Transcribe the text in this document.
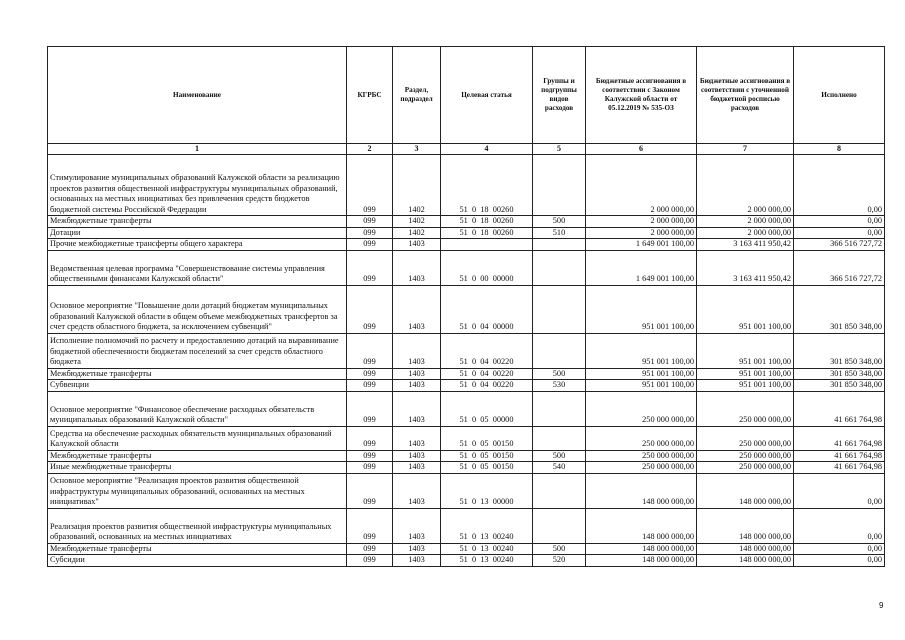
Наименование	КГРБС	Раздел, подраздел	Целевая статья	Группы и подгруппы видов расходов	Бюджетные ассигнования в соответствии с Законом Калужской области от 05.12.2019 № 535-ОЗ	Бюджетные ассигнования в соответствии с уточненной бюджетной росписью расходов	Исполнено
1	2	3	4	5	6	7	8
Стимулирование муниципальных образований Калужской области за реализацию проектов развития общественной инфраструктуры муниципальных образований, основанных на местных инициативах без привлечения средств бюджетов бюджетной системы Российской Федерации	099	1402	51  0  18  00260		2 000 000,00	2 000 000,00	0,00
Межбюджетные трансферты	099	1402	51  0  18  00260	500	2 000 000,00	2 000 000,00	0,00
Дотации	099	1402	51  0  18  00260	510	2 000 000,00	2 000 000,00	0,00
Прочие межбюджетные трансферты общего характера	099	1403			1 649 001 100,00	3 163 411 950,42	366 516 727,72
Ведомственная целевая программа "Совершенствование системы управления общественными финансами Калужской области"	099	1403	51  0  00  00000		1 649 001 100,00	3 163 411 950,42	366 516 727,72
Основное мероприятие "Повышение доли дотаций бюджетам муниципальных образований Калужской области в общем объеме межбюджетных трансфертов за счет средств областного бюджета, за исключением субвенций"	099	1403	51  0  04  00000		951 001 100,00	951 001 100,00	301 850 348,00
Исполнение полномочий по расчету и предоставлению дотаций на выравнивание бюджетной обеспеченности бюджетам поселений за счет средств областного бюджета	099	1403	51  0  04  00220		951 001 100,00	951 001 100,00	301 850 348,00
Межбюджетные трансферты	099	1403	51  0  04  00220	500	951 001 100,00	951 001 100,00	301 850 348,00
Субвенции	099	1403	51  0  04  00220	530	951 001 100,00	951 001 100,00	301 850 348,00
Основное мероприятие "Финансовое обеспечение расходных обязательств муниципальных образований Калужской области"	099	1403	51  0  05  00000		250 000 000,00	250 000 000,00	41 661 764,98
Средства на обеспечение расходных обязательств муниципальных образований Калужской области	099	1403	51  0  05  00150		250 000 000,00	250 000 000,00	41 661 764,98
Межбюджетные трансферты	099	1403	51  0  05  00150	500	250 000 000,00	250 000 000,00	41 661 764,98
Иные межбюджетные трансферты	099	1403	51  0  05  00150	540	250 000 000,00	250 000 000,00	41 661 764,98
Основное мероприятие "Реализация проектов развития общественной инфраструктуры муниципальных образований, основанных на местных инициативах"	099	1403	51  0  13  00000		148 000 000,00	148 000 000,00	0,00
Реализация проектов развития общественной инфраструктуры муниципальных образований, основанных на местных инициативах	099	1403	51  0  13  00240		148 000 000,00	148 000 000,00	0,00
Межбюджетные трансферты	099	1403	51  0  13  00240	500	148 000 000,00	148 000 000,00	0,00
Субсидии	099	1403	51  0  13  00240	520	148 000 000,00	148 000 000,00	0,00
9
